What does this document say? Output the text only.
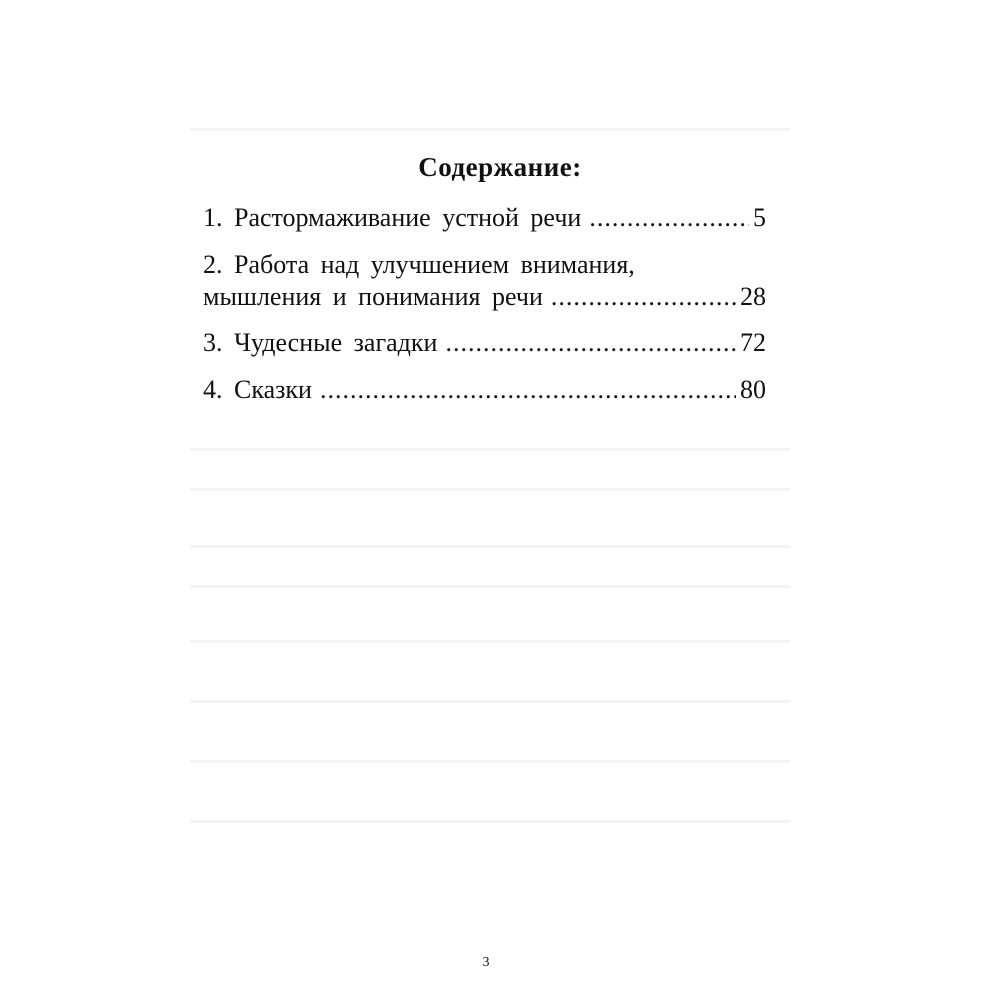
Содержание:
1. Растормаживание устной речи .....	5
2. Работа над улучшением внимания,
мышления и понимания речи .....	28
3. Чудесные загадки .....	72
4. Сказки .....	80
3
